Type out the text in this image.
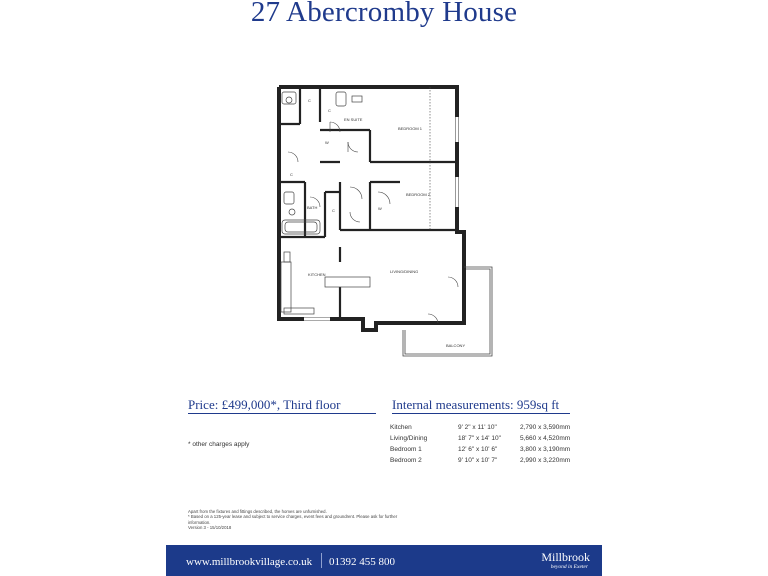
27 Abercromby House
EN SUITE
BEDROOM 1
BEDROOM 2
BATH
KITCHEN
LIVING/DINING
BALCONY
C
C
C
C
W
W
Price: £499,000*, Third floor	Internal measurements: 959sq ft
* other charges apply
Kitchen	9' 2" x 11' 10"	2,790 x 3,590mm
Living/Dining	18' 7" x 14' 10"	5,660 x 4,520mm
Bedroom 1	12' 6" x 10' 6"	3,800 x 3,190mm
Bedroom 2	9' 10" x 10' 7"	2,990 x 3,220mm
Apart from the fixtures and fittings described, the homes are unfurnished.
* Based on a 125-year lease and subject to service charges, event fees and groundrent. Please ask for further
information.
Version 3 - 15/10/2018
www.millbrookvillage.co.uk 01392 455 800	Millbrook
beyond in Exeter
